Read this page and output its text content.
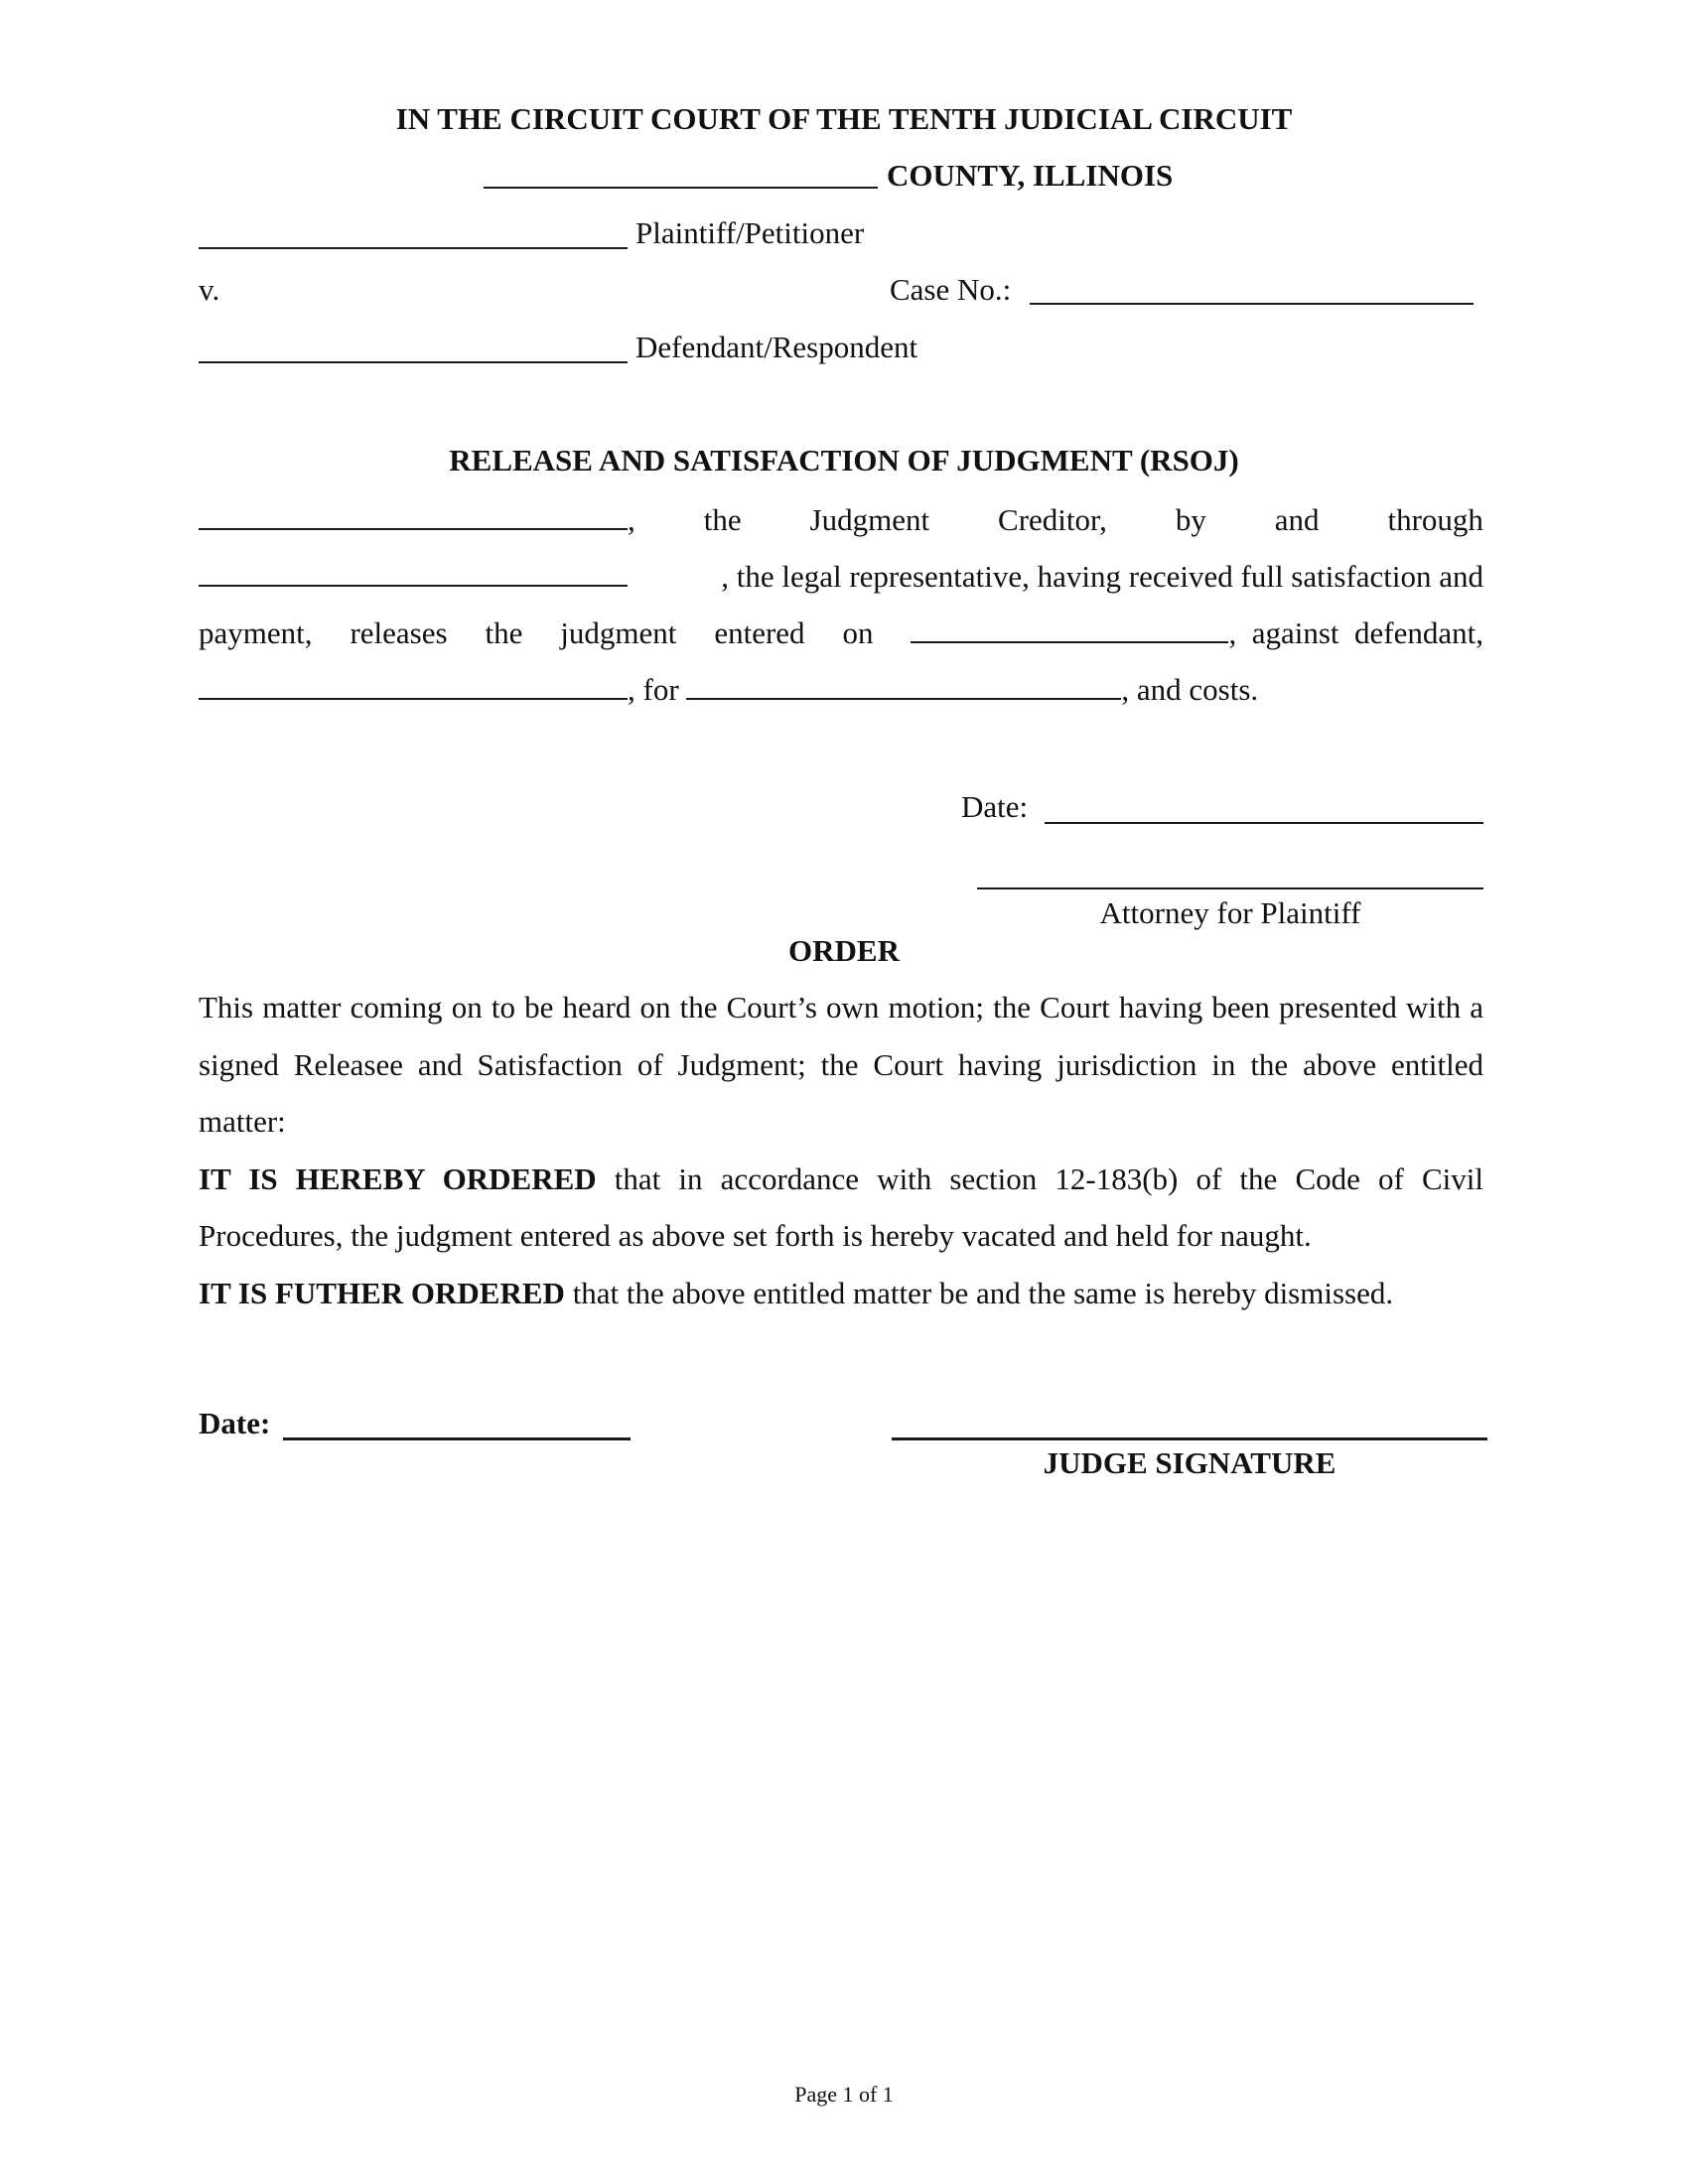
IN THE CIRCUIT COURT OF THE TENTH JUDICIAL CIRCUIT
COUNTY, ILLINOIS
Plaintiff/Petitioner
v.	Case No.:
Defendant/Respondent
RELEASE AND SATISFACTION OF JUDGMENT (RSOJ)
, the Judgment Creditor, by and through
, the legal representative, having received full satisfaction and
payment, releases the judgment entered on	,  against  defendant,
, for	, and costs.
Date:
Attorney for Plaintiff
ORDER
This matter coming on to be heard on the Court’s own motion; the Court having been presented with a signed Releasee and Satisfaction of Judgment; the Court having jurisdiction in the above entitled matter:
IT IS HEREBY ORDERED that in accordance with section 12-183(b) of the Code of Civil Procedures, the judgment entered as above set forth is hereby vacated and held for naught.
IT IS FUTHER ORDERED that the above entitled matter be and the same is hereby dismissed.
Date:
JUDGE SIGNATURE
Page 1 of 1
